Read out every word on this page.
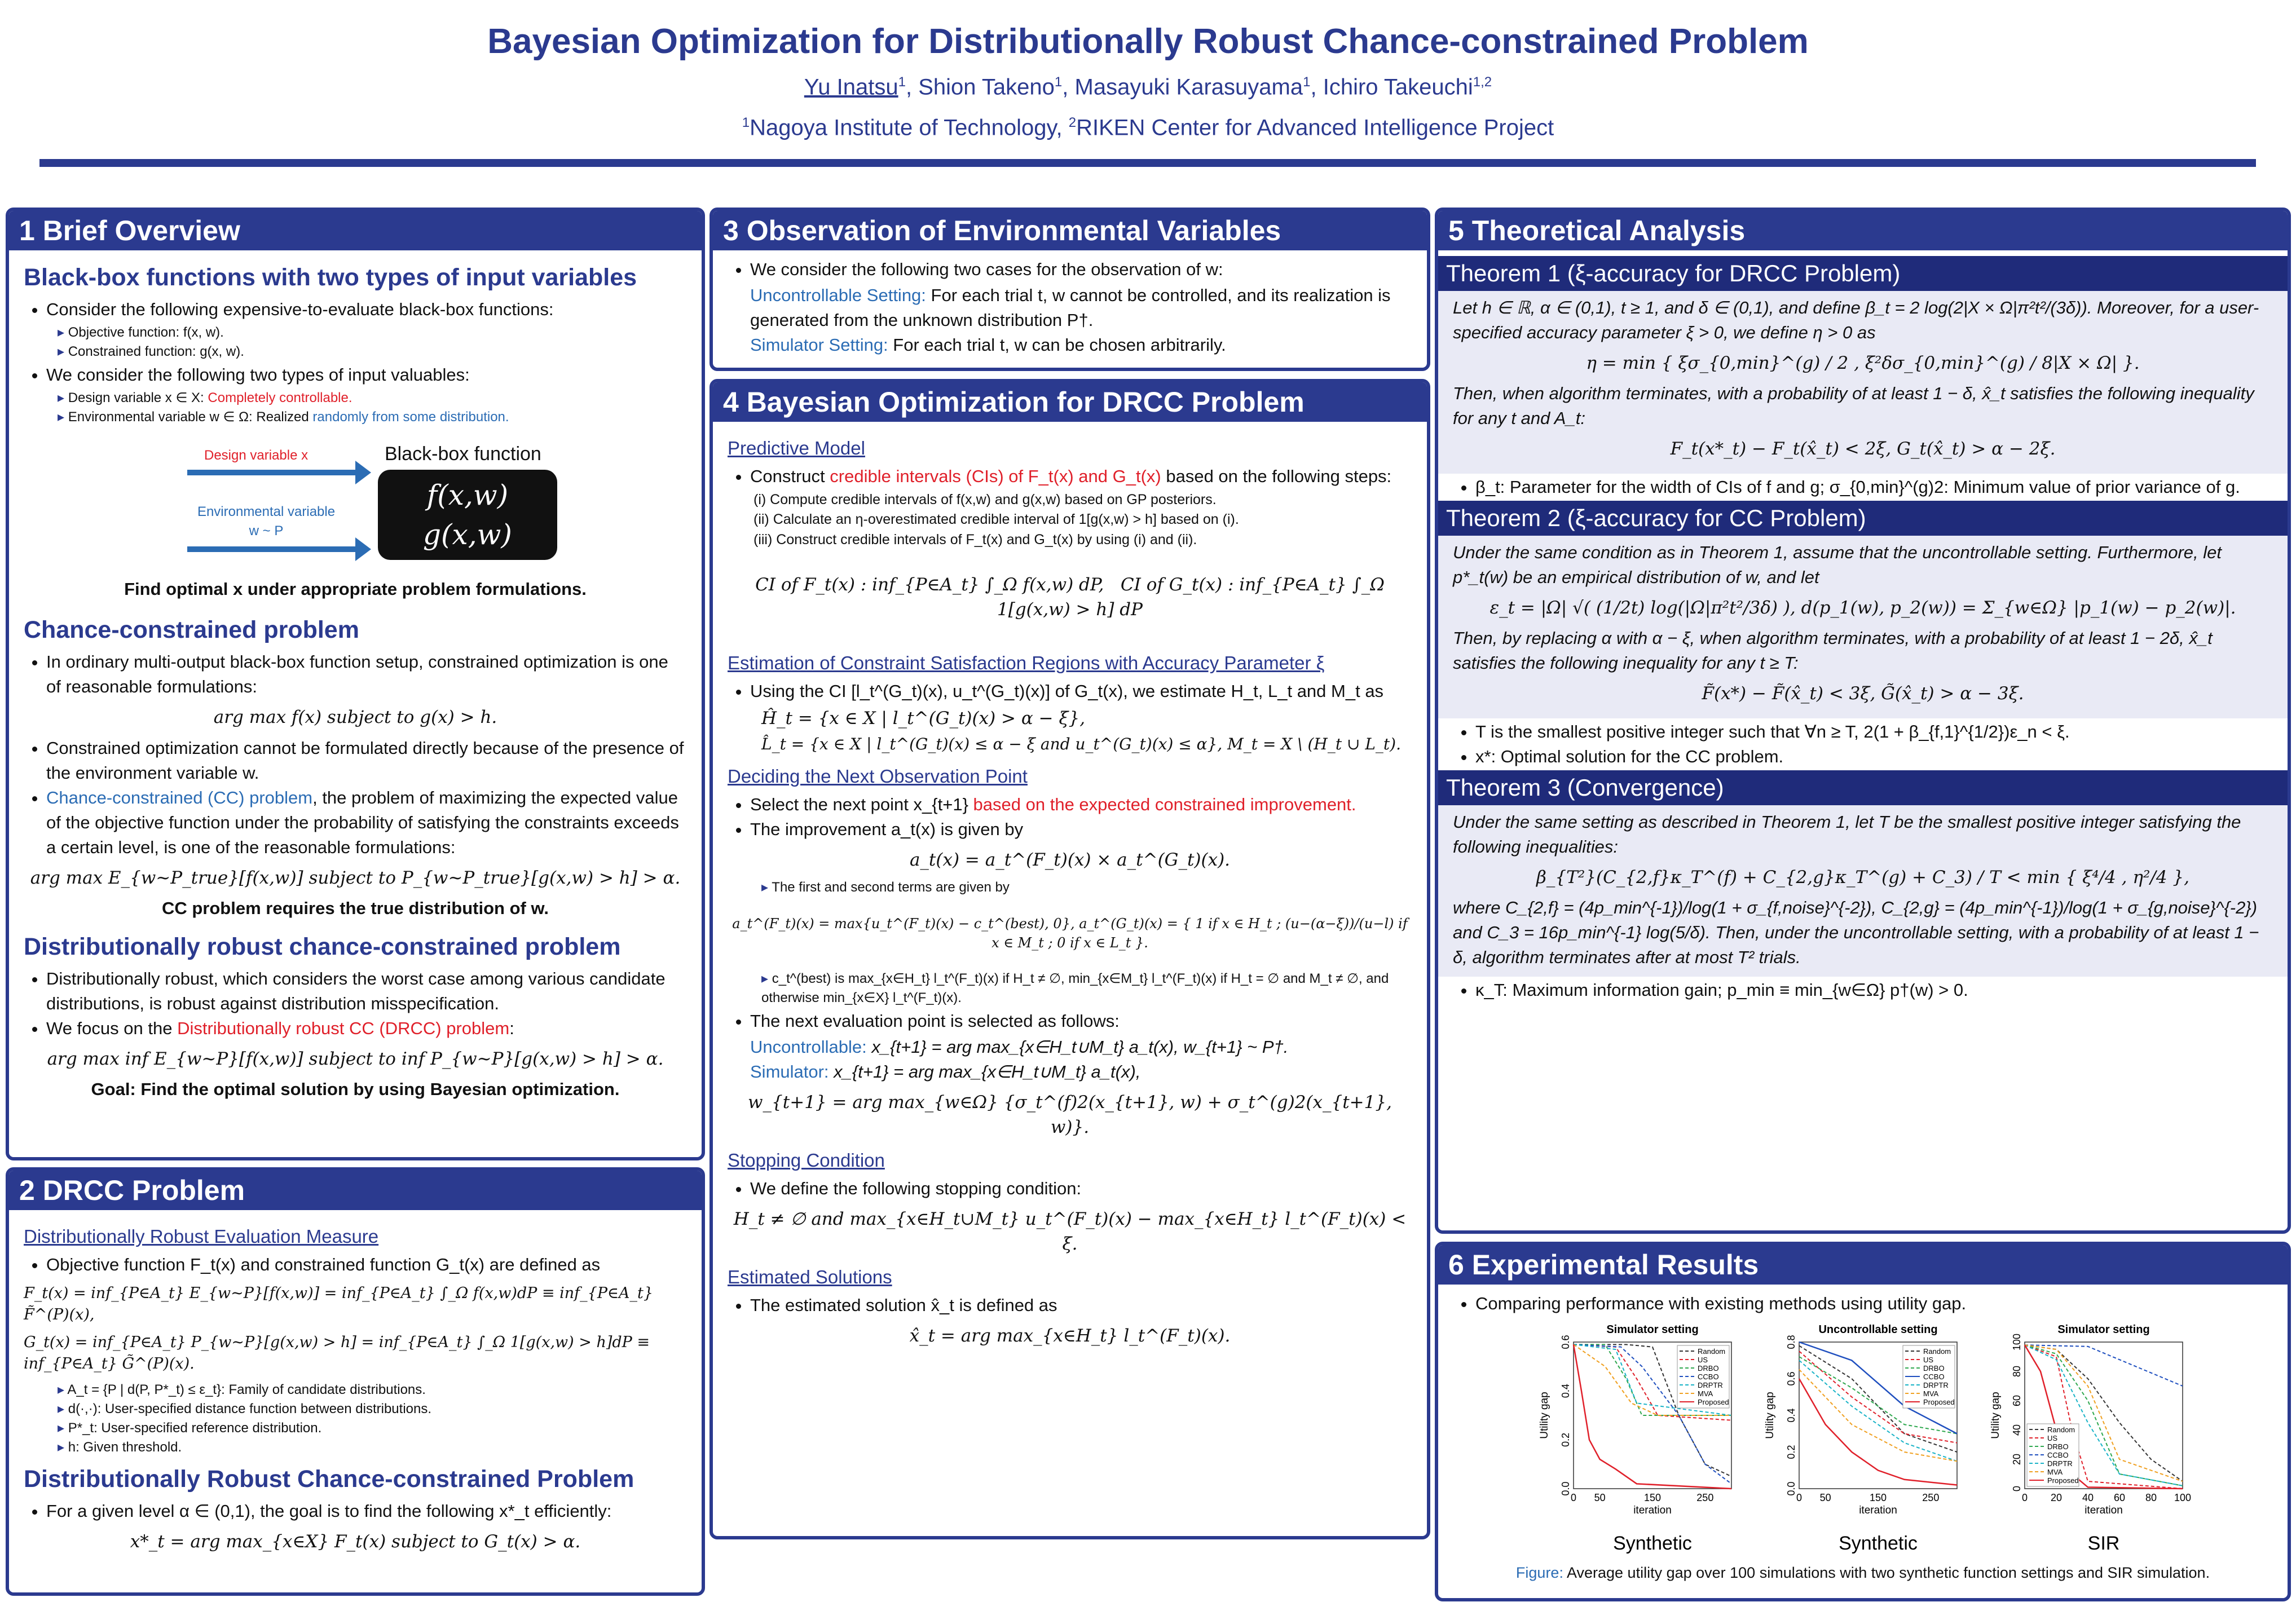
Bayesian Optimization for Distributionally Robust Chance-constrained Problem
Yu Inatsu$^1$, Shion Takeno$^1$, Masayuki Karasuyama$^1$, Ichiro Takeuchi$^{1,2}$
$^1$Nagoya Institute of Technology, $^2$RIKEN Center for Advanced Intelligence Project
1 Brief Overview
Black-box functions with two types of input variables
• Consider the following expensive-to-evaluate black-box functions:
▸ Objective function: f(x, w).
▸ Constrained function: g(x, w).
• We consider the following two types of input valuables:
▸ Design variable x ∈ X: Completely controllable.
▸ Environmental variable w ∈ Ω: Realized randomly from some distribution.
Design variable x
Environmental variable
w ~ P
Black-box function
f(x,w)
g(x,w)
Find optimal x under appropriate problem formulations.
Chance-constrained problem
• In ordinary multi-output black-box function setup, constrained optimization is one of reasonable formulations:
arg max f(x) subject to g(x) > h.
• Constrained optimization cannot be formulated directly because of the presence of the environment variable w.
• Chance-constrained (CC) problem, the problem of maximizing the expected value of the objective function under the probability of satisfying the constraints exceeds a certain level, is one of the reasonable formulations:
arg max E_{w~P_true}[f(x,w)] subject to P_{w~P_true}[g(x,w) > h] > α.
CC problem requires the true distribution of w.
Distributionally robust chance-constrained problem
• Distributionally robust, which considers the worst case among various candidate distributions, is robust against distribution misspecification.
• We focus on the Distributionally robust CC (DRCC) problem:
arg max inf E_{w~P}[f(x,w)] subject to inf P_{w~P}[g(x,w) > h] > α.
Goal: Find the optimal solution by using Bayesian optimization.
2 DRCC Problem
Distributionally Robust Evaluation Measure
• Objective function F_t(x) and constrained function G_t(x) are defined as
F_t(x) = inf_{P∈A_t} E_{w~P}[f(x,w)] = inf_{P∈A_t} ∫_Ω f(x,w)dP ≡ inf_{P∈A_t} F̃^(P)(x),
G_t(x) = inf_{P∈A_t} P_{w~P}[g(x,w) > h] = inf_{P∈A_t} ∫_Ω 1[g(x,w) > h]dP ≡ inf_{P∈A_t} G̃^(P)(x).
▸ A_t = {P | d(P, P*_t) ≤ ε_t}: Family of candidate distributions.
▸ d(·,·): User-specified distance function between distributions.
▸ P*_t: User-specified reference distribution.
▸ h: Given threshold.
Distributionally Robust Chance-constrained Problem
• For a given level α ∈ (0,1), the goal is to find the following x*_t efficiently:
x*_t = arg max_{x∈X} F_t(x) subject to G_t(x) > α.
3 Observation of Environmental Variables
• We consider the following two cases for the observation of w:
Uncontrollable Setting: For each trial t, w cannot be controlled, and its realization is generated from the unknown distribution P†.
Simulator Setting: For each trial t, w can be chosen arbitrarily.
4 Bayesian Optimization for DRCC Problem
Predictive Model
• Construct credible intervals (CIs) of F_t(x) and G_t(x) based on the following steps:
(i) Compute credible intervals of f(x,w) and g(x,w) based on GP posteriors.
(ii) Calculate an η-overestimated credible interval of 1[g(x,w) > h] based on (i).
(iii) Construct credible intervals of F_t(x) and G_t(x) by using (i) and (ii).
CI of F_t(x) : inf_{P∈A_t} ∫_Ω f(x,w) dP, CI of G_t(x) : inf_{P∈A_t} ∫_Ω 1[g(x,w) > h] dP
Estimation of Constraint Satisfaction Regions with Accuracy Parameter ξ
• Using the CI [l_t^(G_t)(x), u_t^(G_t)(x)] of G_t(x), we estimate H_t, L_t and M_t as
Ĥ_t = {x ∈ X | l_t^(G_t)(x) > α − ξ},
L̂_t = {x ∈ X | l_t^(G_t)(x) ≤ α − ξ and u_t^(G_t)(x) ≤ α}, M_t = X \ (H_t ∪ L_t).
Deciding the Next Observation Point
• Select the next point x_{t+1} based on the expected constrained improvement.
• The improvement a_t(x) is given by
a_t(x) = a_t^(F_t)(x) × a_t^(G_t)(x).
▸ The first and second terms are given by
a_t^(F_t)(x) = max{u_t^(F_t)(x) − c_t^(best), 0}, a_t^(G_t)(x) = { 1 if x ∈ H_t ; (u−(α−ξ))/(u−l) if x ∈ M_t ; 0 if x ∈ L_t }.
▸ c_t^(best) is max_{x∈H_t} l_t^(F_t)(x) if H_t ≠ ∅, min_{x∈M_t} l_t^(F_t)(x) if H_t = ∅ and M_t ≠ ∅, and otherwise min_{x∈X} l_t^(F_t)(x).
• The next evaluation point is selected as follows:
Uncontrollable: x_{t+1} = arg max_{x∈H_t∪M_t} a_t(x), w_{t+1} ~ P†.
Simulator: x_{t+1} = arg max_{x∈H_t∪M_t} a_t(x),
w_{t+1} = arg max_{w∈Ω} {σ_t^(f)2(x_{t+1}, w) + σ_t^(g)2(x_{t+1}, w)}.
Stopping Condition
• We define the following stopping condition:
H_t ≠ ∅ and max_{x∈H_t∪M_t} u_t^(F_t)(x) − max_{x∈H_t} l_t^(F_t)(x) < ξ.
Estimated Solutions
• The estimated solution x̂_t is defined as
x̂_t = arg max_{x∈H_t} l_t^(F_t)(x).
5 Theoretical Analysis
Theorem 1 (ξ-accuracy for DRCC Problem)
Let h ∈ ℝ, α ∈ (0,1), t ≥ 1, and δ ∈ (0,1), and define β_t = 2 log(2|X × Ω|π²t²/(3δ)). Moreover, for a user-specified accuracy parameter ξ > 0, we define η > 0 as
η = min { ξσ_{0,min}^(g) / 2 , ξ²δσ_{0,min}^(g) / 8|X × Ω| }.
Then, when algorithm terminates, with a probability of at least 1 − δ, x̂_t satisfies the following inequality for any t and A_t:
F_t(x*_t) − F_t(x̂_t) < 2ξ, G_t(x̂_t) > α − 2ξ.
• β_t: Parameter for the width of CIs of f and g; σ_{0,min}^(g)2: Minimum value of prior variance of g.
Theorem 2 (ξ-accuracy for CC Problem)
Under the same condition as in Theorem 1, assume that the uncontrollable setting. Furthermore, let p*_t(w) be an empirical distribution of w, and let
ε_t = |Ω| √( (1/2t) log(|Ω|π²t²/3δ) ), d(p_1(w), p_2(w)) = Σ_{w∈Ω} |p_1(w) − p_2(w)|.
Then, by replacing α with α − ξ, when algorithm terminates, with a probability of at least 1 − 2δ, x̂_t satisfies the following inequality for any t ≥ T:
F̃(x*) − F̃(x̂_t) < 3ξ, G̃(x̂_t) > α − 3ξ.
• T is the smallest positive integer such that ∀n ≥ T, 2(1 + β_{f,1}^{1/2})ε_n < ξ.
• x*: Optimal solution for the CC problem.
Theorem 3 (Convergence)
Under the same setting as described in Theorem 1, let T be the smallest positive integer satisfying the following inequalities:
β_{T²}(C_{2,f}κ_T^(f) + C_{2,g}κ_T^(g) + C_3) / T < min { ξ⁴/4 , η²/4 },
where C_{2,f} = (4p_min^{-1})/log(1 + σ_{f,noise}^{-2}), C_{2,g} = (4p_min^{-1})/log(1 + σ_{g,noise}^{-2}) and C_3 = 16p_min^{-1} log(5/δ). Then, under the uncontrollable setting, with a probability of at least 1 − δ, algorithm terminates after at most T² trials.
• κ_T: Maximum information gain; p_min ≡ min_{w∈Ω} p†(w) > 0.
6 Experimental Results
• Comparing performance with existing methods using utility gap.
Simulator setting
0 50	150	250
0.0
0.2
0.4
0.6
iteration
Utility gap
Random
US
DRBO
CCBO
DRPTR
MVA
Proposed
Synthetic
Uncontrollable setting
0 50	150	250
0.0
0.2
0.4
0.6
0.8
iteration
Utility gap
Random
US
DRBO
CCBO
DRPTR
MVA
Proposed
Synthetic
Simulator setting
0 20 40 60 80 100
0
20
40
60
80
100
iteration
Utility gap	Random
US
DRBO
CCBO
DRPTR
MVA
Proposed
SIR
Figure: Average utility gap over 100 simulations with two synthetic function settings and SIR simulation.
